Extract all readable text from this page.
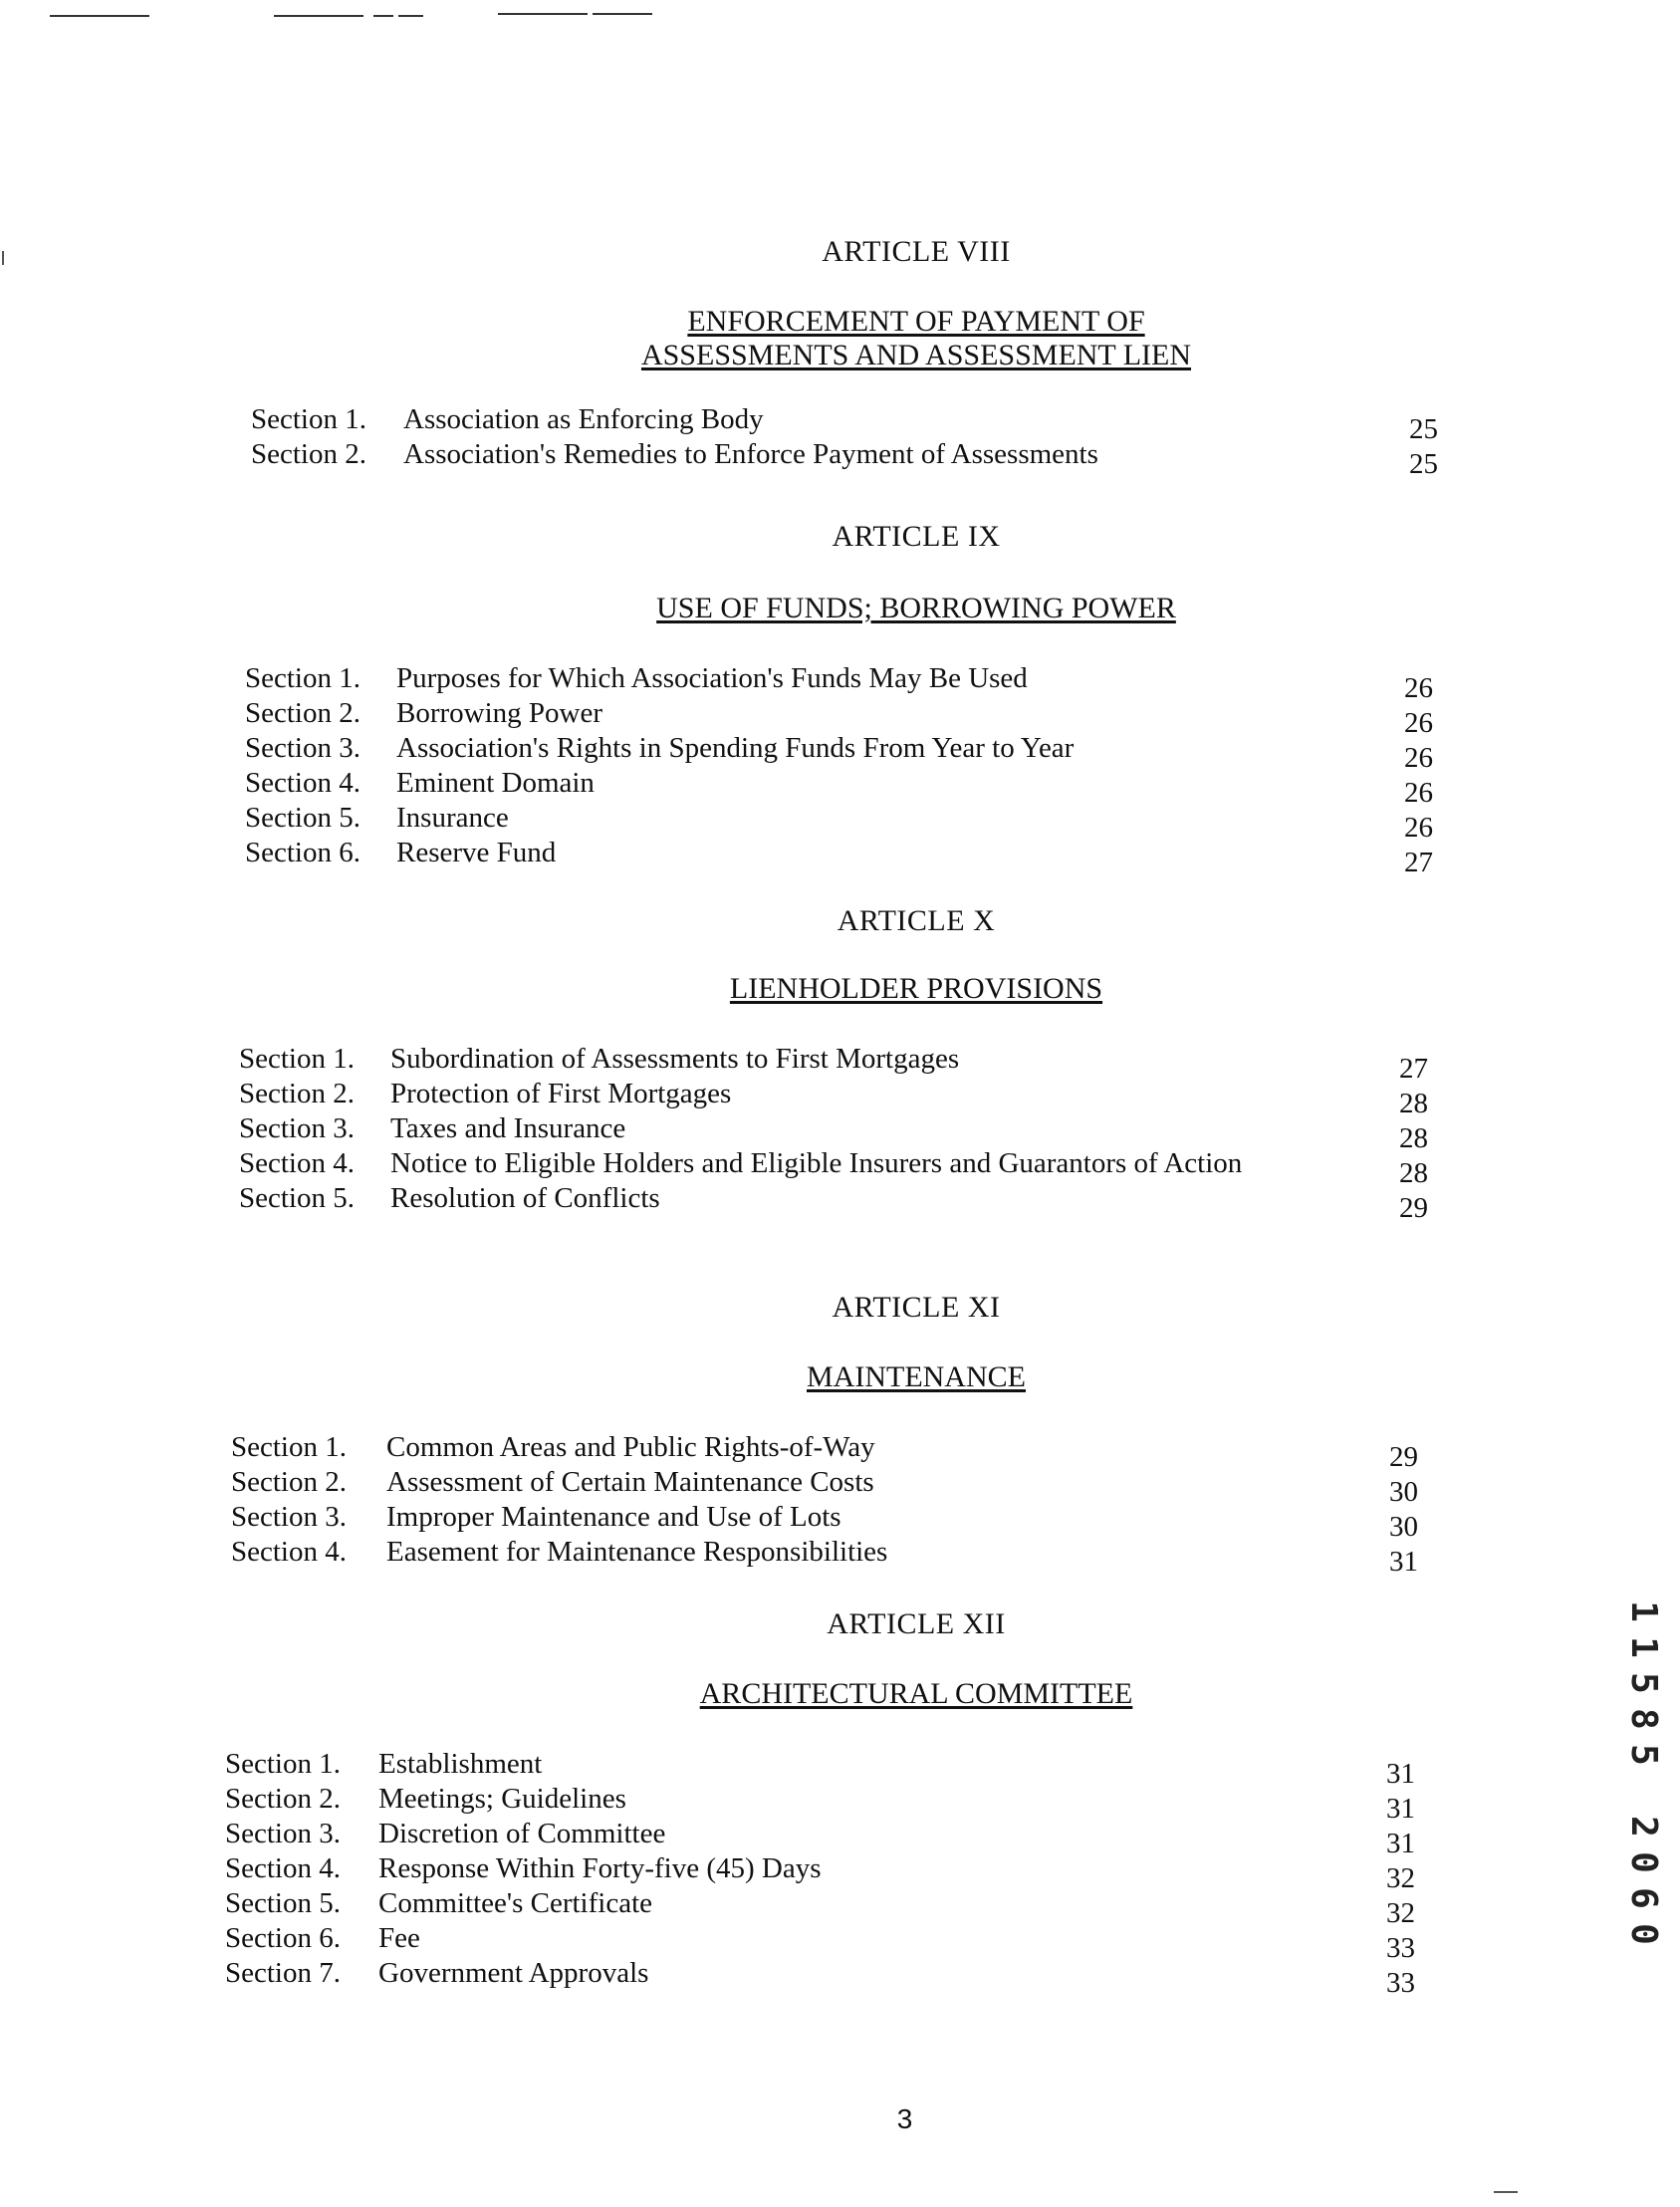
ARTICLE VIII

ENFORCEMENT OF PAYMENT OF

ASSESSMENTS AND ASSESSMENT LIEN

Section 1. Association as Enforcing Body	25
Section 2. Association's Remedies to Enforce Payment of Assessments	25

ARTICLE IX

USE OF FUNDS; BORROWING POWER

Section 1. Purposes for Which Association's Funds May Be Used	26
Section 2. Borrowing Power	26
Section 3. Association's Rights in Spending Funds From Year to Year	26
Section 4. Eminent Domain	26
Section 5. Insurance	26
Section 6. Reserve Fund	27

ARTICLE X

LIENHOLDER PROVISIONS

Section 1. Subordination of Assessments to First Mortgages	27
Section 2. Protection of First Mortgages	28
Section 3. Taxes and Insurance	28
Section 4. Notice to Eligible Holders and Eligible Insurers and Guarantors of Action	28
Section 5. Resolution of Conflicts	29

ARTICLE XI

MAINTENANCE

Section 1. Common Areas and Public Rights-of-Way	29
Section 2. Assessment of Certain Maintenance Costs	30
Section 3. Improper Maintenance and Use of Lots	30
Section 4. Easement for Maintenance Responsibilities	31

ARTICLE XII

ARCHITECTURAL COMMITTEE

Section 1. Establishment	31
Section 2. Meetings; Guidelines	31
Section 3. Discretion of Committee	31
Section 4. Response Within Forty-five (45) Days	32
Section 5. Committee's Certificate	32
Section 6. Fee	33
Section 7. Government Approvals	33
1
1
5
8
5
2
0
6
0
3
